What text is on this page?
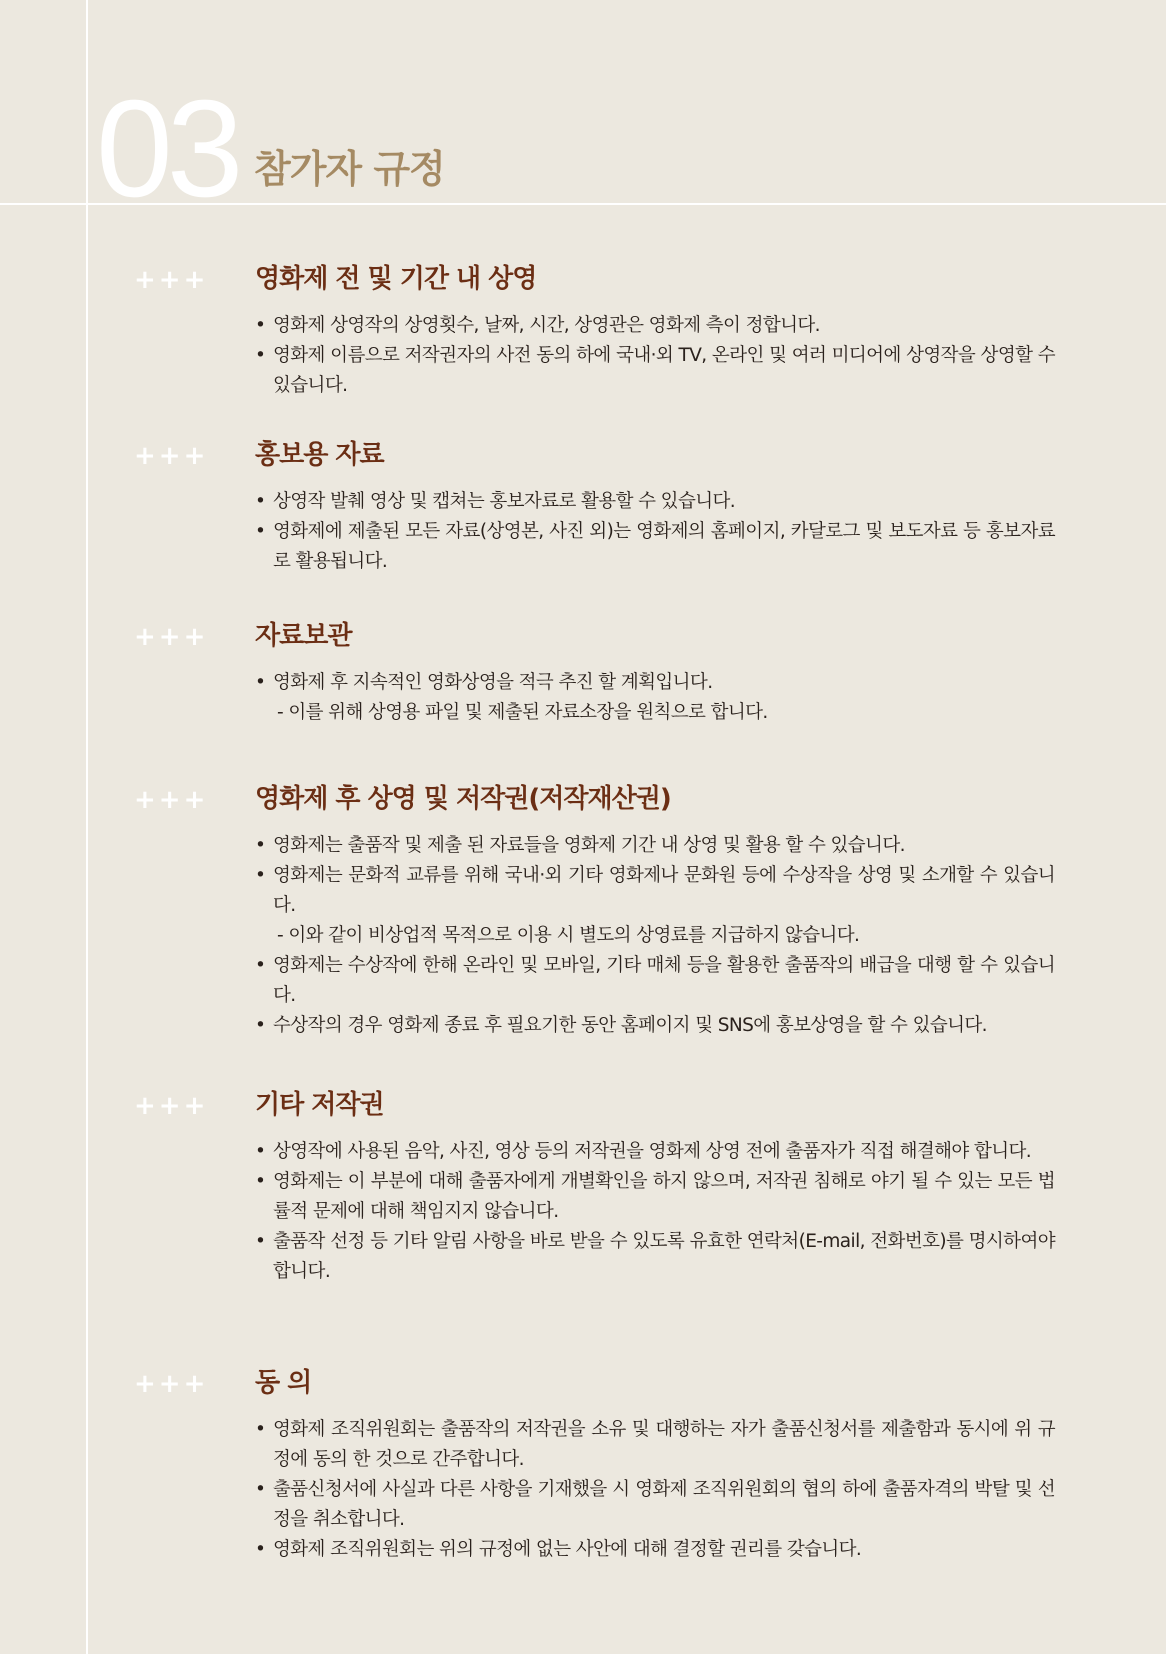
03 참가자 규정
+++ 영화제 전 및 기간 내 상영
• 영화제 상영작의 상영횟수, 날짜, 시간, 상영관은 영화제 측이 정합니다.
• 영화제 이름으로 저작권자의 사전 동의 하에 국내·외 TV, 온라인 및 여러 미디어에 상영작을 상영할 수 있습니다.
+++ 홍보용 자료
• 상영작 발췌 영상 및 캡쳐는 홍보자료로 활용할 수 있습니다.
• 영화제에 제출된 모든 자료(상영본, 사진 외)는 영화제의 홈페이지, 카달로그 및 보도자료 등 홍보자료로 활용됩니다.
+++ 자료보관
• 영화제 후 지속적인 영화상영을 적극 추진 할 계획입니다.
- 이를 위해 상영용 파일 및 제출된 자료소장을 원칙으로 합니다.
+++ 영화제 후 상영 및 저작권(저작재산권)
• 영화제는 출품작 및 제출 된 자료들을 영화제 기간 내 상영 및 활용 할 수 있습니다.
• 영화제는 문화적 교류를 위해 국내·외 기타 영화제나 문화원 등에 수상작을 상영 및 소개할 수 있습니다.
- 이와 같이 비상업적 목적으로 이용 시 별도의 상영료를 지급하지 않습니다.
• 영화제는 수상작에 한해 온라인 및 모바일, 기타 매체 등을 활용한 출품작의 배급을 대행 할 수 있습니다.
• 수상작의 경우 영화제 종료 후 필요기한 동안 홈페이지 및 SNS에 홍보상영을 할 수 있습니다.
+++ 기타 저작권
• 상영작에 사용된 음악, 사진, 영상 등의 저작권을 영화제 상영 전에 출품자가 직접 해결해야 합니다.
• 영화제는 이 부분에 대해 출품자에게 개별확인을 하지 않으며, 저작권 침해로 야기 될 수 있는 모든 법률적 문제에 대해 책임지지 않습니다.
• 출품작 선정 등 기타 알림 사항을 바로 받을 수 있도록 유효한 연락처(E-mail, 전화번호)를 명시하여야 합니다.
+++ 동 의
• 영화제 조직위원회는 출품작의 저작권을 소유 및 대행하는 자가 출품신청서를 제출함과 동시에 위 규정에 동의 한 것으로 간주합니다.
• 출품신청서에 사실과 다른 사항을 기재했을 시 영화제 조직위원회의 협의 하에 출품자격의 박탈 및 선정을 취소합니다.
• 영화제 조직위원회는 위의 규정에 없는 사안에 대해 결정할 권리를 갖습니다.
